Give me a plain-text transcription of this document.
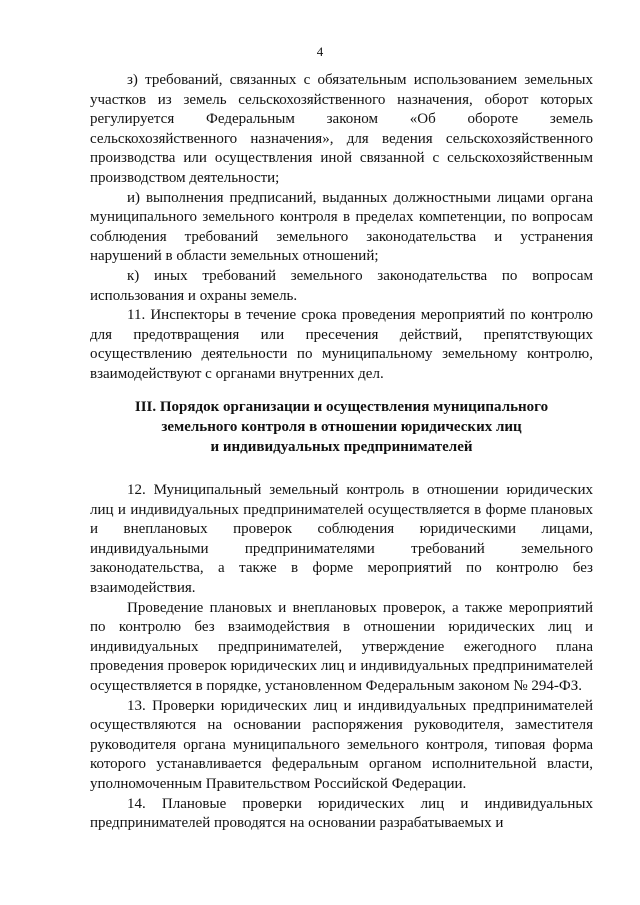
4

з) требований, связанных с обязательным использованием земельных участков из земель сельскохозяйственного назначения, оборот которых регулируется Федеральным законом «Об обороте земель сельскохозяйственного назначения», для ведения сельскохозяйственного производства или осуществления иной связанной с сельскохозяйственным производством деятельности;

и) выполнения предписаний, выданных должностными лицами органа муниципального земельного контроля в пределах компетенции, по вопросам соблюдения требований земельного законодательства и устранения нарушений в области земельных отношений;

к) иных требований земельного законодательства по вопросам использования и охраны земель.

11. Инспекторы в течение срока проведения мероприятий по контролю для предотвращения или пресечения действий, препятствующих осуществлению деятельности по муниципальному земельному контролю, взаимодействуют с органами внутренних дел.

III. Порядок организации и осуществления муниципального
земельного контроля в отношении юридических лиц
и индивидуальных предпринимателей

12. Муниципальный земельный контроль в отношении юридических лиц и индивидуальных предпринимателей осуществляется в форме плановых и внеплановых проверок соблюдения юридическими лицами, индивидуальными предпринимателями требований земельного законодательства, а также в форме мероприятий по контролю без взаимодействия.

Проведение плановых и внеплановых проверок, а также мероприятий по контролю без взаимодействия в отношении юридических лиц и индивидуальных предпринимателей, утверждение ежегодного плана проведения проверок юридических лиц и индивидуальных предпринимателей осуществляется в порядке, установленном Федеральным законом № 294-ФЗ.

13. Проверки юридических лиц и индивидуальных предпринимателей осуществляются на основании распоряжения руководителя, заместителя руководителя органа муниципального земельного контроля, типовая форма которого устанавливается федеральным органом исполнительной власти, уполномоченным Правительством Российской Федерации.

14. Плановые проверки юридических лиц и индивидуальных предпринимателей проводятся на основании разрабатываемых и
